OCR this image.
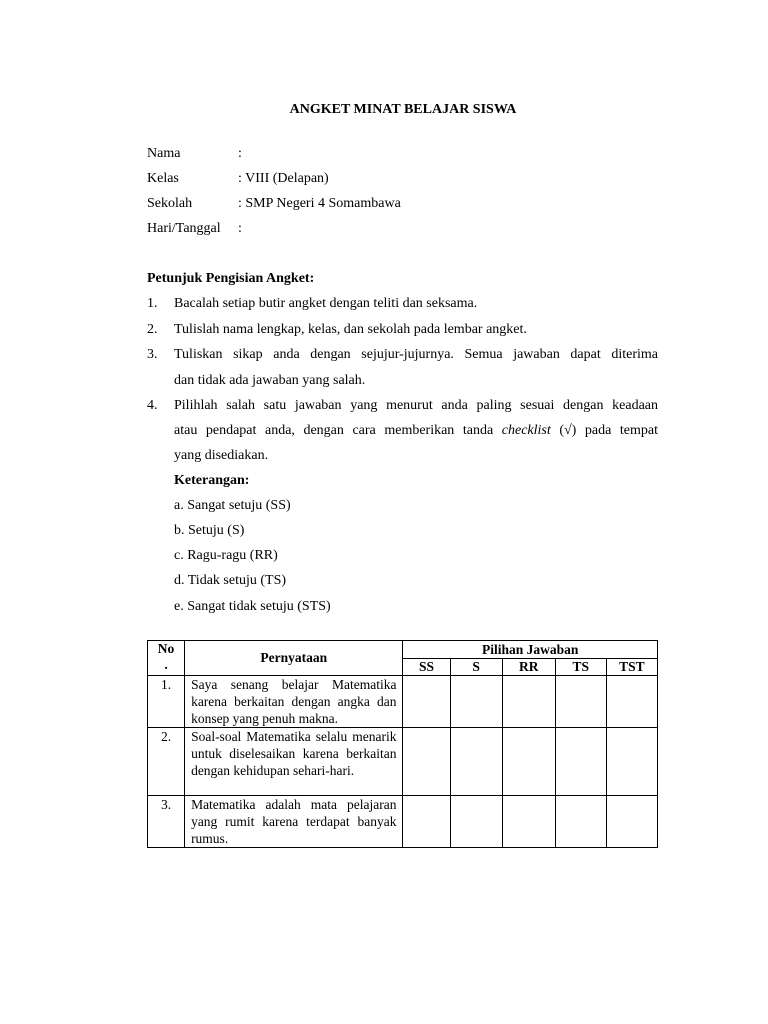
ANGKET MINAT BELAJAR SISWA
Nama	:
Kelas	: VIII (Delapan)
Sekolah	: SMP Negeri 4 Somambawa
Hari/Tanggal :
Petunjuk Pengisian Angket:
1. Bacalah setiap butir angket dengan teliti dan seksama.
2. Tulislah nama lengkap, kelas, dan sekolah pada lembar angket.
3. Tuliskan sikap anda dengan sejujur-jujurnya. Semua jawaban dapat diterima
dan tidak ada jawaban yang salah.
4. Pilihlah salah satu jawaban yang menurut anda paling sesuai dengan keadaan
atau pendapat anda, dengan cara memberikan tanda checklist (√) pada tempat
yang disediakan.
Keterangan:
a. Sangat setuju (SS)
b. Setuju (S)
c. Ragu-ragu (RR)
d. Tidak setuju (TS)
e. Sangat tidak setuju (STS)
No
.	Pernyataan	Pilihan Jawaban				
		SS	S	RR	TS	TST
1.	Saya senang belajar Matematika karena berkaitan dengan angka dan konsep yang penuh makna.					
2.	Soal-soal Matematika selalu menarik untuk diselesaikan karena berkaitan dengan kehidupan sehari-hari.					
3.	Matematika adalah mata pelajaran yang rumit karena terdapat banyak rumus.					
